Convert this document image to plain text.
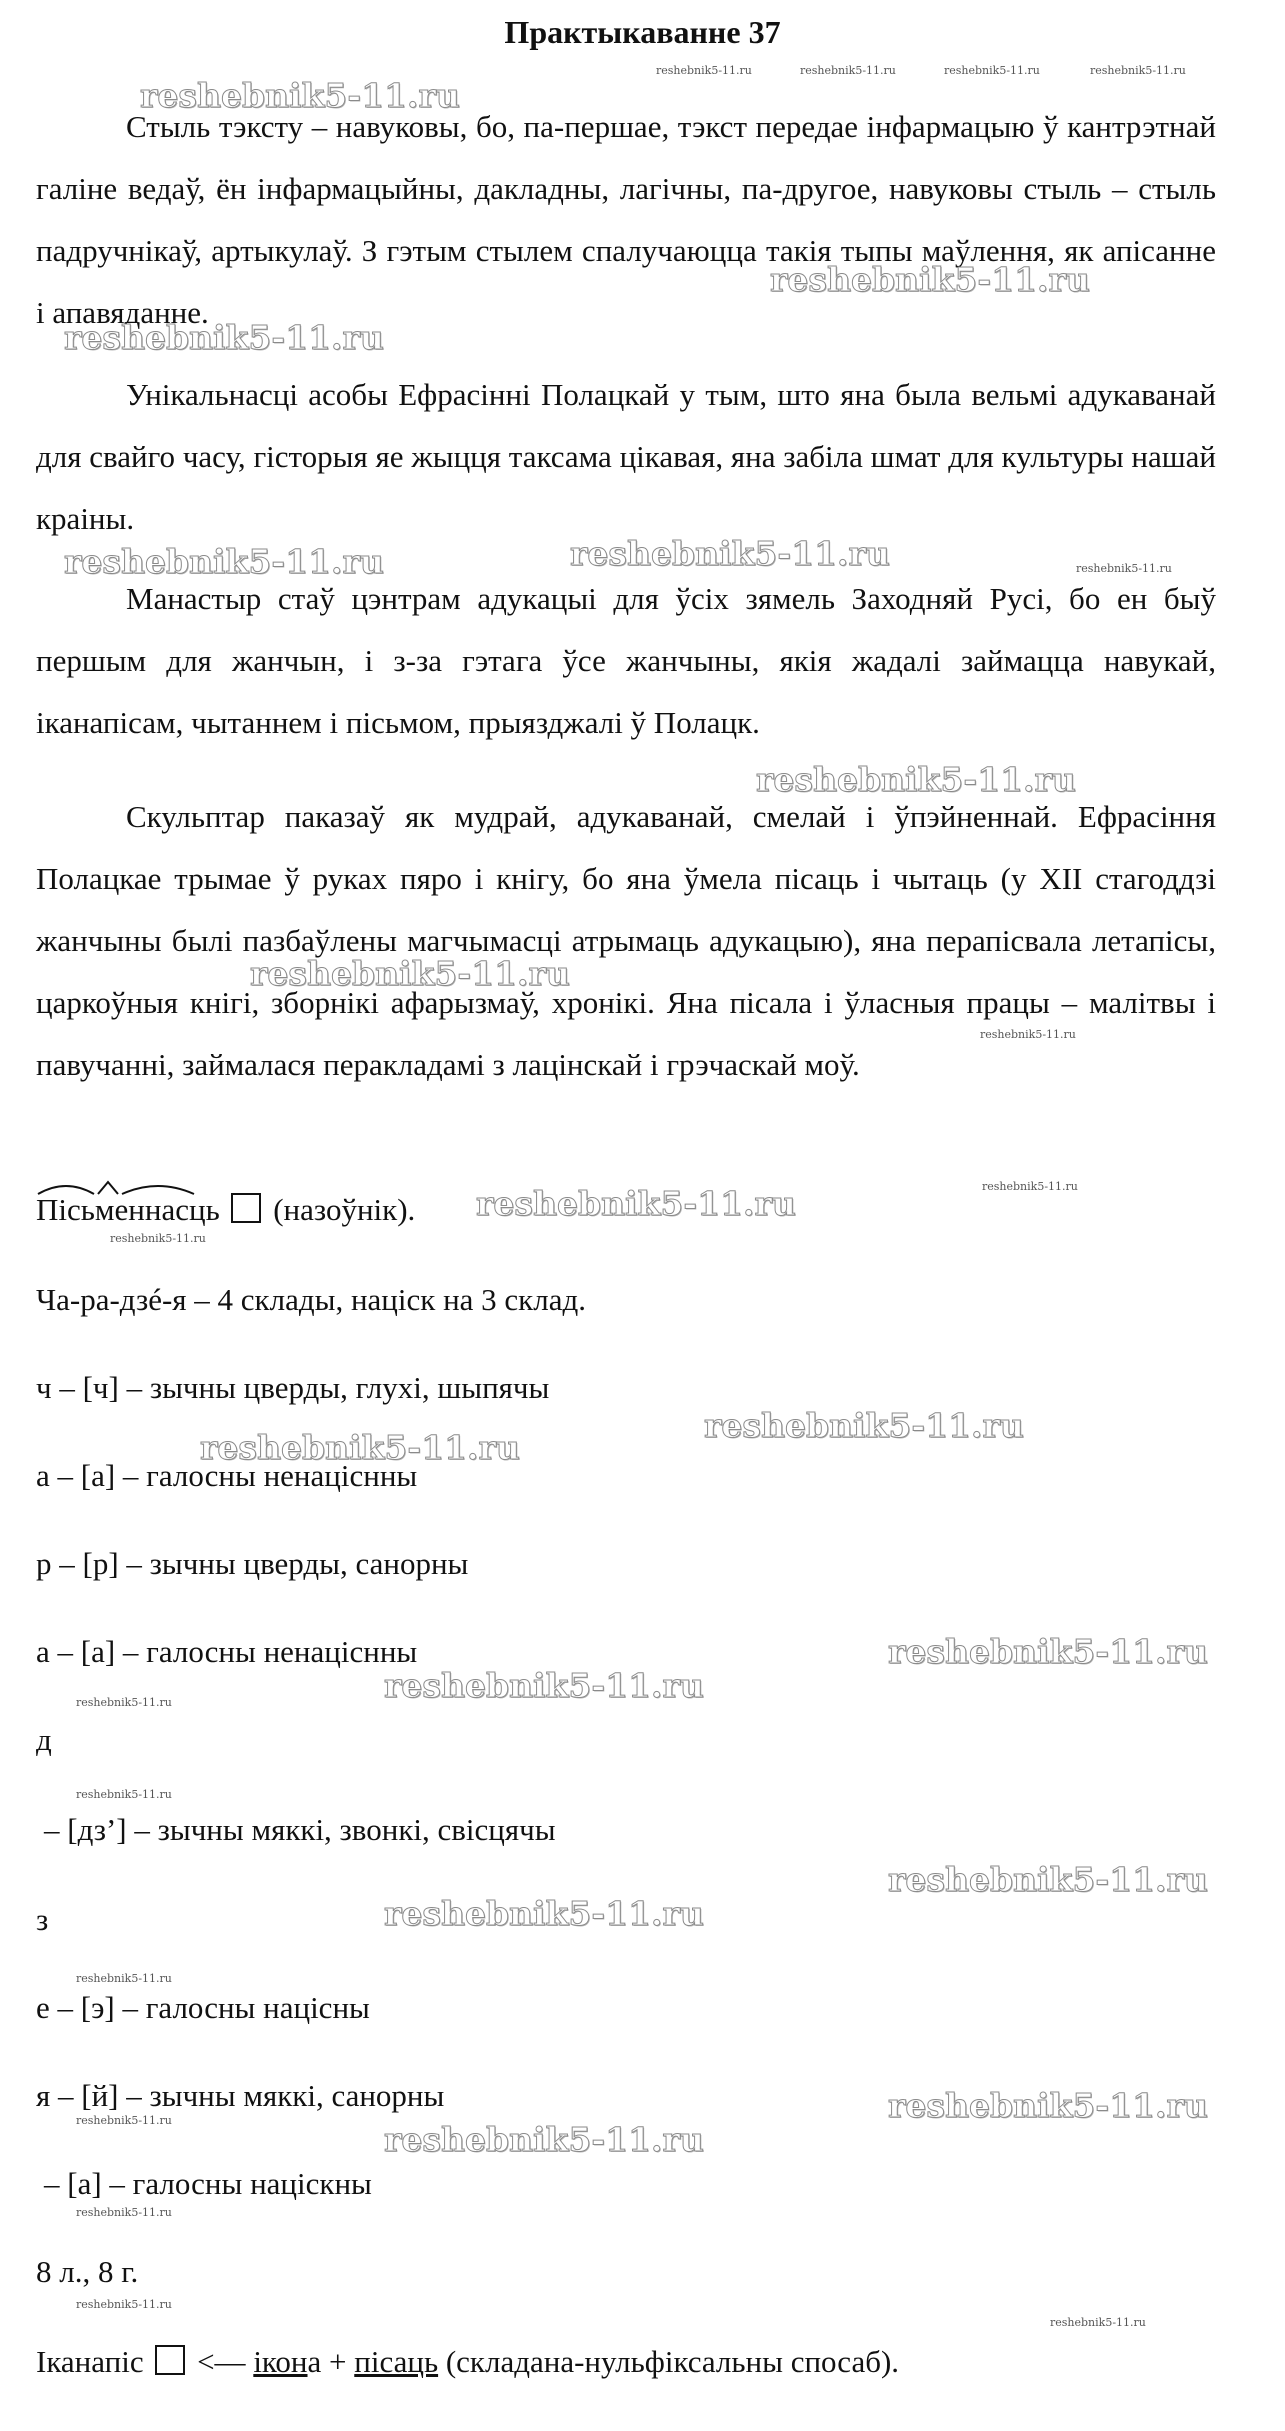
Практыкаванне 37
Стыль тэксту – навуковы, бо, па-першае, тэкст передае інфармацыю ў кантрэтнай галіне ведаў, ён інфармацыйны, дакладны, лагічны, па-другое, навуковы стыль – стыль падручнікаў, артыкулаў. З гэтым стылем спалучаюцца такія тыпы маўлення, як апісанне і апавяданне.
Унікальнасці асобы Ефрасінні Полацкай у тым, што яна была вельмі адукаванай для свайго часу, гісторыя яе жыцця таксама цікавая, яна забіла шмат для культуры нашай краіны.
Манастыр стаў цэнтрам адукацыі для ўсіх зямель Заходняй Русі, бо ен быў першым для жанчын, і з-за гэтага ўсе жанчыны, якія жадалі займацца навукай, іканапісам, чытаннем і пісьмом, прыязджалі ў Полацк.
Скульптар паказаў як мудрай, адукаванай, смелай і ўпэйненнай. Ефрасіння Полацкае трымае ў руках пяро і кнігу, бо яна ўмела пісаць і чытаць (у XII стагоддзі жанчыны былі пазбаўлены магчымасці атрымаць адукацыю), яна перапісвала летапісы, царкоўныя кнігі, зборнікі афарызмаў, хронікі. Яна пісала і ўласныя працы – малітвы і павучанні, займалася перакладамі з лацінскай і грэчаскай моў.
Пісьменнасць (назоўнік).
Ча-ра-дзé-я – 4 склады, націск на 3 склад.
ч – [ч] – зычны цверды, глухі, шыпячы
а – [а] – галосны ненаціснны
р – [р] – зычны цверды, санорны
а – [а] – галосны ненаціснны
д
– [дз’] – зычны мяккі, звонкі, свісцячы
з
е – [э] – галосны націсны
я – [й] – зычны мяккі, санорны
– [а] – галосны націскны
8 л., 8 г.
Іканапіс <— ікона + пісаць (складана-нульфіксальны спосаб).
reshebnik5-11.ru
reshebnik5-11.ru
reshebnik5-11.ru
reshebnik5-11.ru	reshebnik5-11.ru
reshebnik5-11.ru
reshebnik5-11.ru
reshebnik5-11.ru
reshebnik5-11.ru
reshebnik5-11.ru
reshebnik5-11.ru
reshebnik5-11.ru
reshebnik5-11.ru
reshebnik5-11.ru
reshebnik5-11.ru
reshebnik5-11.ru
reshebnik5-11.ru	reshebnik5-11.ru	reshebnik5-11.ru	reshebnik5-11.ru
reshebnik5-11.ru
reshebnik5-11.ru
reshebnik5-11.ru
reshebnik5-11.ru
reshebnik5-11.ru
reshebnik5-11.ru
reshebnik5-11.ru
reshebnik5-11.ru
reshebnik5-11.ru
reshebnik5-11.ru
reshebnik5-11.ru
